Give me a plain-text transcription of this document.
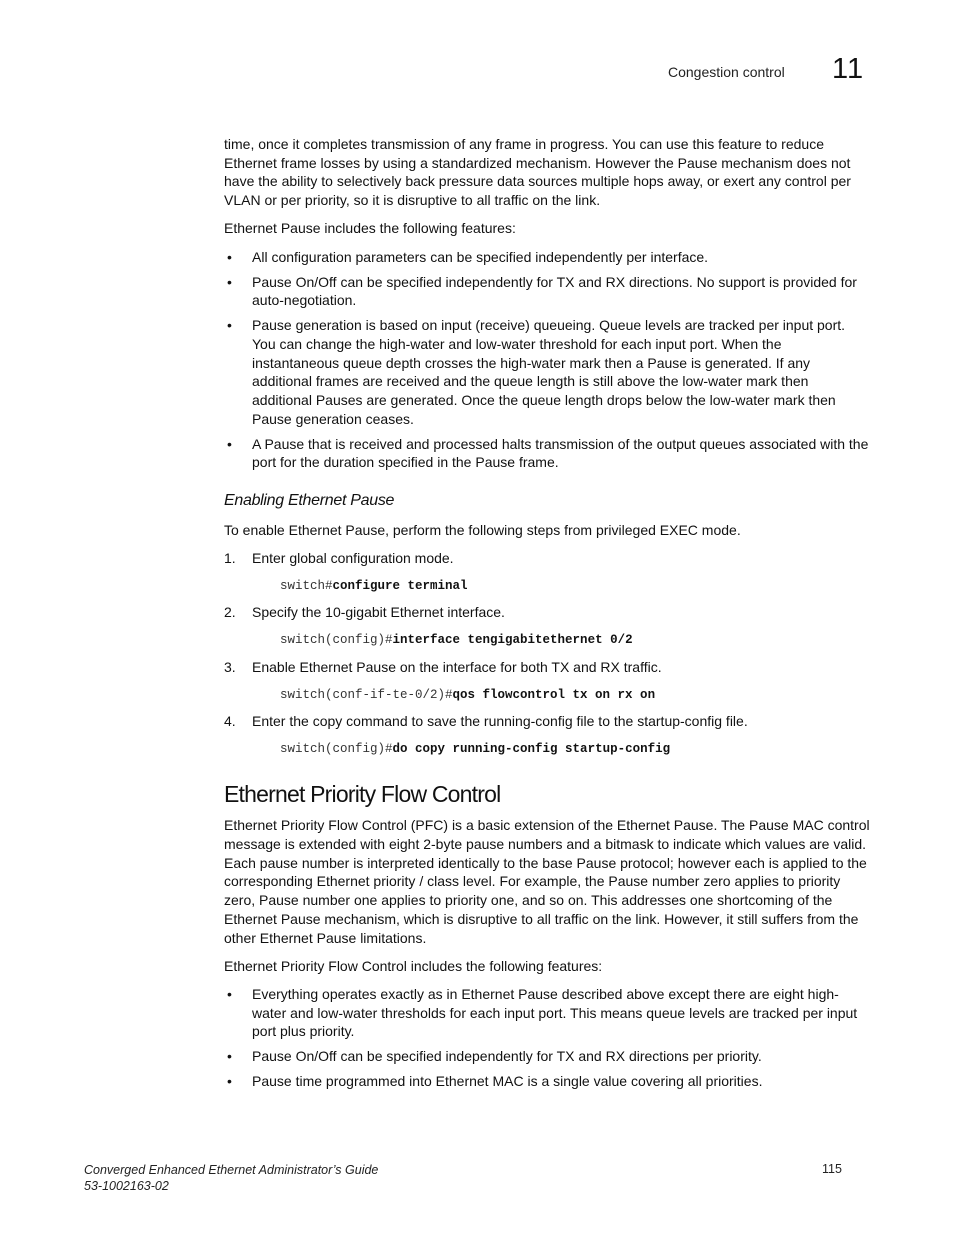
Congestion control 11

time, once it completes transmission of any frame in progress. You can use this feature to reduce Ethernet frame losses by using a standardized mechanism. However the Pause mechanism does not have the ability to selectively back pressure data sources multiple hops away, or exert any control per VLAN or per priority, so it is disruptive to all traffic on the link.

Ethernet Pause includes the following features:

• All configuration parameters can be specified independently per interface.
• Pause On/Off can be specified independently for TX and RX directions. No support is provided for auto-negotiation.
• Pause generation is based on input (receive) queueing. Queue levels are tracked per input port. You can change the high-water and low-water threshold for each input port. When the instantaneous queue depth crosses the high-water mark then a Pause is generated. If any additional frames are received and the queue length is still above the low-water mark then additional Pauses are generated. Once the queue length drops below the low-water mark then Pause generation ceases.
• A Pause that is received and processed halts transmission of the output queues associated with the port for the duration specified in the Pause frame.
Enabling Ethernet Pause

To enable Ethernet Pause, perform the following steps from privileged EXEC mode.

1. Enter global configuration mode.
switch#configure terminal
2. Specify the 10-gigabit Ethernet interface.
switch(config)#interface tengigabitethernet 0/2
3. Enable Ethernet Pause on the interface for both TX and RX traffic.
switch(conf-if-te-0/2)#qos flowcontrol tx on rx on
4. Enter the copy command to save the running-config file to the startup-config file.
switch(config)#do copy running-config startup-config
Ethernet Priority Flow Control

Ethernet Priority Flow Control (PFC) is a basic extension of the Ethernet Pause. The Pause MAC control message is extended with eight 2-byte pause numbers and a bitmask to indicate which values are valid. Each pause number is interpreted identically to the base Pause protocol; however each is applied to the corresponding Ethernet priority / class level. For example, the Pause number zero applies to priority zero, Pause number one applies to priority one, and so on. This addresses one shortcoming of the Ethernet Pause mechanism, which is disruptive to all traffic on the link. However, it still suffers from the other Ethernet Pause limitations.

Ethernet Priority Flow Control includes the following features:

• Everything operates exactly as in Ethernet Pause described above except there are eight high-water and low-water thresholds for each input port. This means queue levels are tracked per input port plus priority.
• Pause On/Off can be specified independently for TX and RX directions per priority.
• Pause time programmed into Ethernet MAC is a single value covering all priorities.
Converged Enhanced Ethernet Administrator’s Guide
53-1002163-02
115
